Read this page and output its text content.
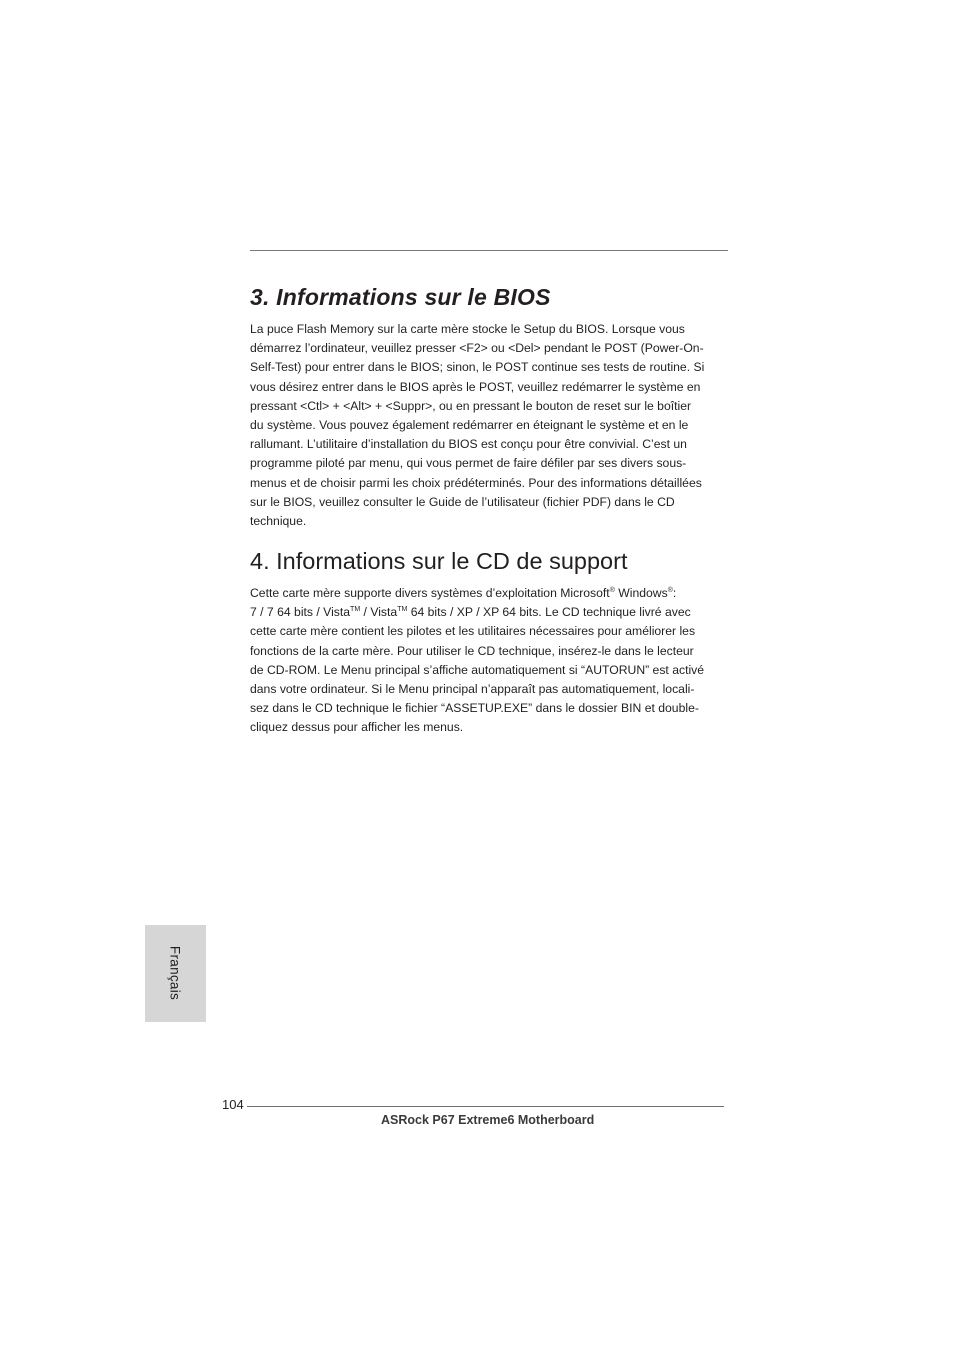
3. Informations sur le BIOS
La puce Flash Memory sur la carte mère stocke le Setup du BIOS. Lorsque vous
démarrez l’ordinateur, veuillez presser <F2> ou <Del> pendant le POST (Power-On-
Self-Test) pour entrer dans le BIOS; sinon, le POST continue ses tests de routine. Si
vous désirez entrer dans le BIOS après le POST, veuillez redémarrer le système en
pressant <Ctl> + <Alt> + <Suppr>, ou en pressant le bouton de reset sur le boîtier
du système. Vous pouvez également redémarrer en éteignant le système et en le
rallumant. L’utilitaire d’installation du BIOS est conçu pour être convivial. C’est un
programme piloté par menu, qui vous permet de faire défiler par ses divers sous-
menus et de choisir parmi les choix prédéterminés. Pour des informations détaillées
sur le BIOS, veuillez consulter le Guide de l’utilisateur (fichier PDF) dans le CD
technique.
4. Informations sur le CD de support
Cette carte mère supporte divers systèmes d’exploitation Microsoft® Windows®:
7 / 7 64 bits / Vista™ / Vista™ 64 bits / XP / XP 64 bits. Le CD technique livré avec
cette carte mère contient les pilotes et les utilitaires nécessaires pour améliorer les
fonctions de la carte mère. Pour utiliser le CD technique, insérez-le dans le lecteur
de CD-ROM. Le Menu principal s’affiche automatiquement si “AUTORUN” est activé
dans votre ordinateur. Si le Menu principal n’apparaît pas automatiquement, locali-
sez dans le CD technique le fichier “ASSETUP.EXE” dans le dossier BIN et double-
cliquez dessus pour afficher les menus.
Français
104
ASRock P67 Extreme6 Motherboard
